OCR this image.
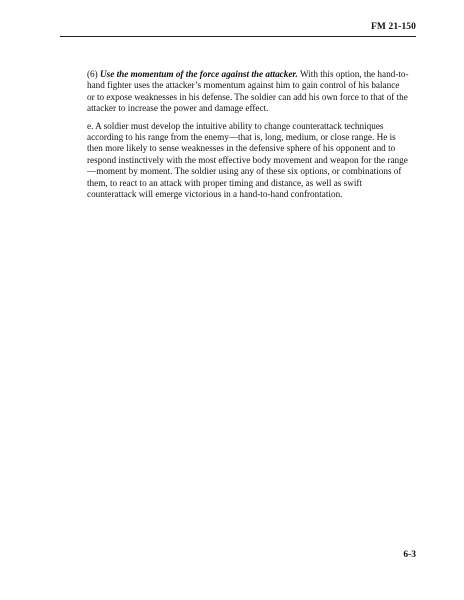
FM 21-150

(6) Use the momentum of the force against the attacker. With this option, the hand-to-hand fighter uses the attacker’s momentum against him to gain control of his balance or to expose weaknesses in his defense. The soldier can add his own force to that of the attacker to increase the power and damage effect.

e. A soldier must develop the intuitive ability to change counterattack techniques according to his range from the enemy—that is, long, medium, or close range. He is then more likely to sense weaknesses in the defensive sphere of his opponent and to respond instinctively with the most effective body movement and weapon for the range—moment by moment. The soldier using any of these six options, or combinations of them, to react to an attack with proper timing and distance, as well as swift counterattack will emerge victorious in a hand-to-hand confrontation.

6-3
